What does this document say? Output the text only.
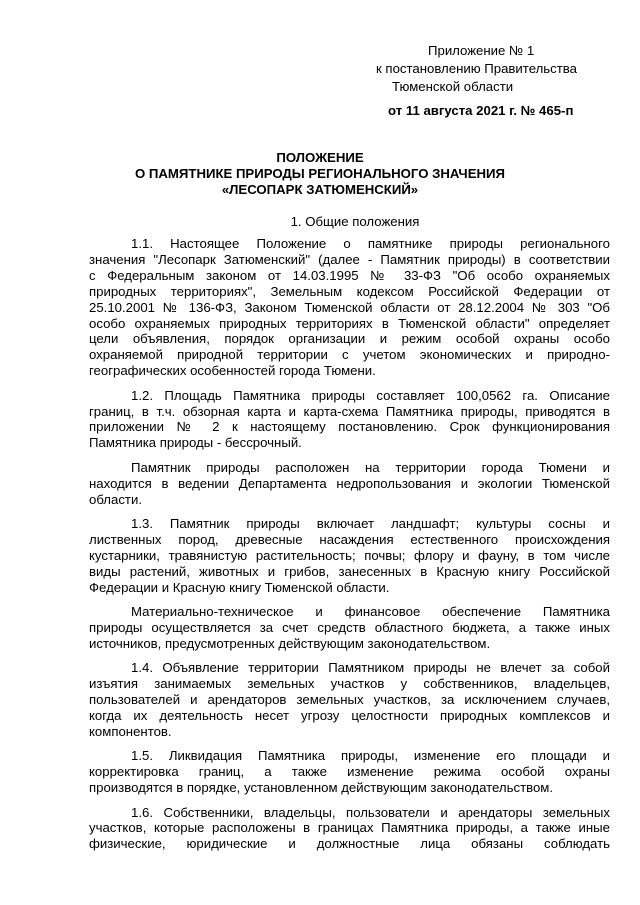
Приложение № 1
к постановлению Правительства
Тюменской области
от 11 августа 2021 г. № 465-п
ПОЛОЖЕНИЕ
О ПАМЯТНИКЕ ПРИРОДЫ РЕГИОНАЛЬНОГО ЗНАЧЕНИЯ
«ЛЕСОПАРК ЗАТЮМЕНСКИЙ»
1. Общие положения
1.1. Настоящее Положение о памятнике природы регионального
значения "Лесопарк Затюменский" (далее - Памятник природы) в соответствии
с Федеральным законом от 14.03.1995 № 33-ФЗ "Об особо охраняемых
природных территориях", Земельным кодексом Российской Федерации от
25.10.2001 № 136-ФЗ, Законом Тюменской области от 28.12.2004 № 303 "Об
особо охраняемых природных территориях в Тюменской области" определяет
цели объявления, порядок организации и режим особой охраны особо
охраняемой природной территории с учетом экономических и природно-
географических особенностей города Тюмени.
1.2. Площадь Памятника природы составляет 100,0562 га. Описание
границ, в т.ч. обзорная карта и карта-схема Памятника природы, приводятся в
приложении № 2 к настоящему постановлению. Срок функционирования
Памятника природы - бессрочный.
Памятник природы расположен на территории города Тюмени и
находится в ведении Департамента недропользования и экологии Тюменской
области.
1.3. Памятник природы включает ландшафт; культуры сосны и
лиственных пород, древесные насаждения естественного происхождения
кустарники, травянистую растительность; почвы; флору и фауну, в том числе
виды растений, животных и грибов, занесенных в Красную книгу Российской
Федерации и Красную книгу Тюменской области.
Материально-техническое и финансовое обеспечение Памятника
природы осуществляется за счет средств областного бюджета, а также иных
источников, предусмотренных действующим законодательством.
1.4. Объявление территории Памятником природы не влечет за собой
изъятия занимаемых земельных участков у собственников, владельцев,
пользователей и арендаторов земельных участков, за исключением случаев,
когда их деятельность несет угрозу целостности природных комплексов и
компонентов.
1.5. Ликвидация Памятника природы, изменение его площади и
корректировка границ, а также изменение режима особой охраны
производятся в порядке, установленном действующим законодательством.
1.6. Собственники, владельцы, пользователи и арендаторы земельных
участков, которые расположены в границах Памятника природы, а также иные
физические, юридические и должностные лица обязаны соблюдать
